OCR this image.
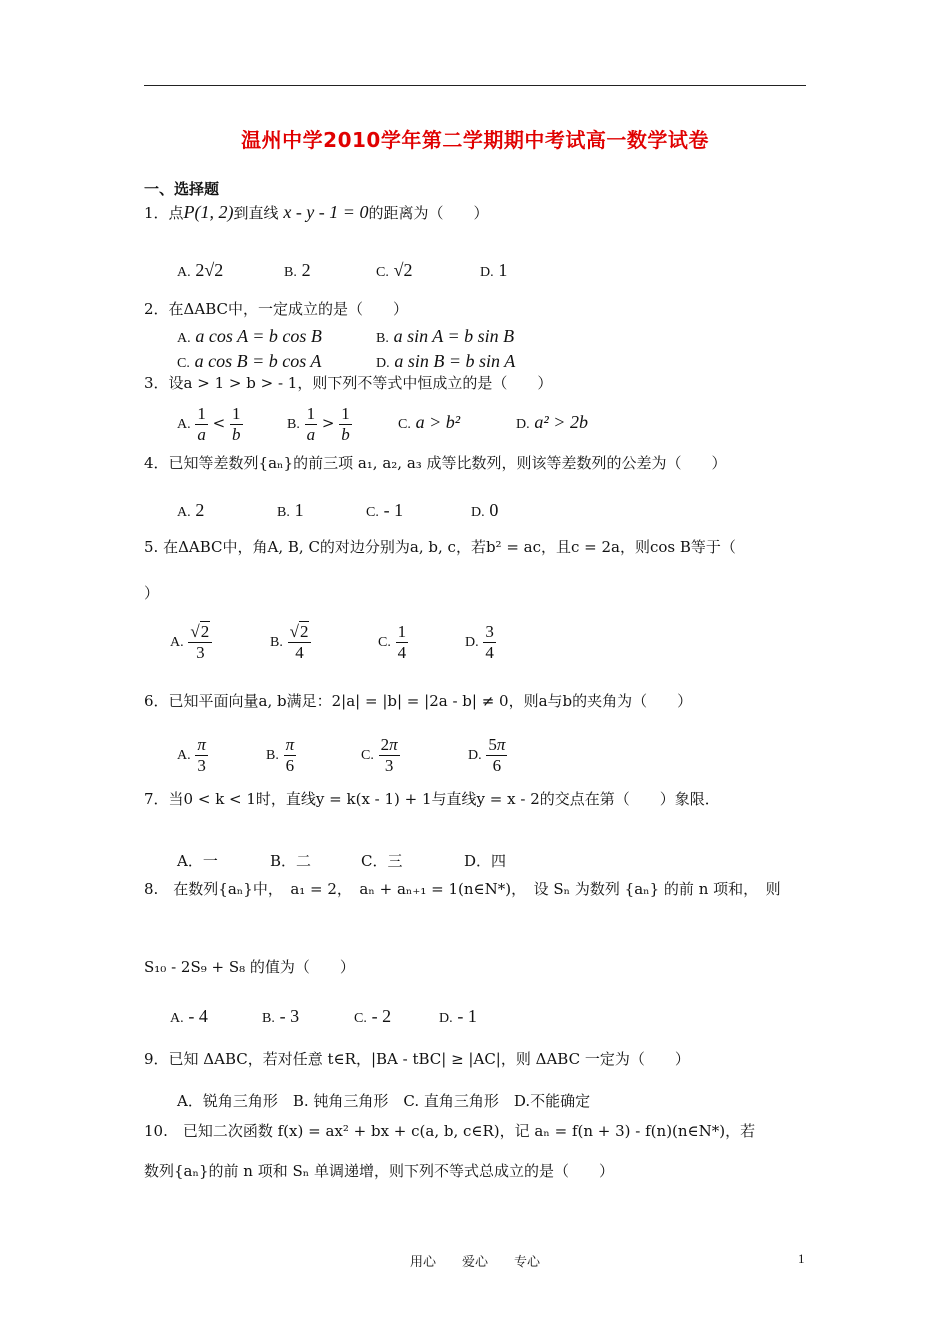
温州中学2010学年第二学期期中考试高一数学试卷
一、选择题
1．点P(1, 2)到直线 x - y - 1 = 0的距离为（　　）
A. 2√2	B. 2	C. √2	D. 1
2．在ΔABC中，一定成立的是（　　）
A. a cos A = b cos B	B. a sin A = b sin B
C. a cos B = b cos A	D. a sin B = b sin A
3．设a > 1 > b > - 1，则下列不等式中恒成立的是（　　）
A. $\frac{1}{a} < \frac{1}{b}$	B. $\frac{1}{a} > \frac{1}{b}$	C. a > b²	D. a² > 2b
4．已知等差数列{aₙ}的前三项 a₁, a₂, a₃ 成等比数列，则该等差数列的公差为（　　）
A. 2	B. 1	C. - 1	D. 0
5. 在ΔABC中，角A, B, C的对边分别为a, b, c，若b² = ac，且c = 2a，则cos B等于（
）
A. $\frac{√2}{3}$	B. $\frac{√2}{4}$	C. $\frac{1}{4}$	D. $\frac{3}{4}$
6．已知平面向量a, b满足：2|a| = |b| = |2a - b| ≠ 0，则a与b的夹角为（　　）
A. $\frac{\pi}{3}$	B. $\frac{\pi}{6}$	C. $\frac{2\pi}{3}$	D. $\frac{5\pi}{6}$
7．当0 < k < 1时，直线y = k(x - 1) + 1与直线y = x - 2的交点在第（　　）象限．
A．一	B．二	C．三	D．四
8.　在数列{aₙ}中，　a₁ = 2，　aₙ + aₙ₊₁ = 1(n∈N*)，　设 Sₙ 为数列 {aₙ} 的前 n 项和，　则
S₁₀ - 2S₉ + S₈ 的值为（　　）
A. - 4	B. - 3	C. - 2	D. - 1
9．已知 ΔABC，若对任意 t∈R，|BA - tBC| ≥ |AC|，则 ΔABC 一定为（　　）
A．锐角三角形　B. 钝角三角形　C. 直角三角形　D.不能确定
10.　已知二次函数 f(x) = ax² + bx + c(a, b, c∈R)，记 aₙ = f(n + 3) - f(n)(n∈N*)，若
数列{aₙ}的前 n 项和 Sₙ 单调递增，则下列不等式总成立的是（　　）
用心　　爱心　　专心	1
